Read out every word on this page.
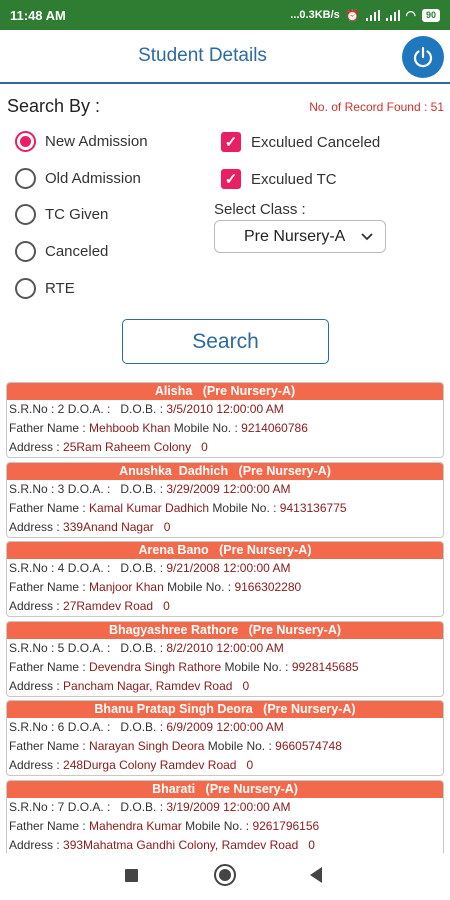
11:48 AM	...0.3KB/s ⏰	◠	90
Student Details
Search By :	No. of Record Found : 51
New Admission
Old Admission
TC Given
Canceled
RTE
✓ Exculued Canceled
✓ Exculued TC
Select Class :
Pre Nursery-A
Search
Alisha   (Pre Nursery-A)
S.R.No : 2 D.O.A. :   D.O.B. : 3/5/2010 12:00:00 AM
Father Name : Mehboob Khan Mobile No. : 9214060786
Address : 25Ram Raheem Colony   0
Anushka  Dadhich   (Pre Nursery-A)
S.R.No : 3 D.O.A. :   D.O.B. : 3/29/2009 12:00:00 AM
Father Name : Kamal Kumar Dadhich Mobile No. : 9413136775
Address : 339Anand Nagar   0
Arena Bano   (Pre Nursery-A)
S.R.No : 4 D.O.A. :   D.O.B. : 9/21/2008 12:00:00 AM
Father Name : Manjoor Khan Mobile No. : 9166302280
Address : 27Ramdev Road   0
Bhagyashree Rathore   (Pre Nursery-A)
S.R.No : 5 D.O.A. :   D.O.B. : 8/2/2010 12:00:00 AM
Father Name : Devendra Singh Rathore Mobile No. : 9928145685
Address : Pancham Nagar, Ramdev Road   0
Bhanu Pratap Singh Deora   (Pre Nursery-A)
S.R.No : 6 D.O.A. :   D.O.B. : 6/9/2009 12:00:00 AM
Father Name : Narayan Singh Deora Mobile No. : 9660574748
Address : 248Durga Colony Ramdev Road   0
Bharati   (Pre Nursery-A)
S.R.No : 7 D.O.A. :   D.O.B. : 3/19/2009 12:00:00 AM
Father Name : Mahendra Kumar Mobile No. : 9261796156
Address : 393Mahatma Gandhi Colony, Ramdev Road   0
